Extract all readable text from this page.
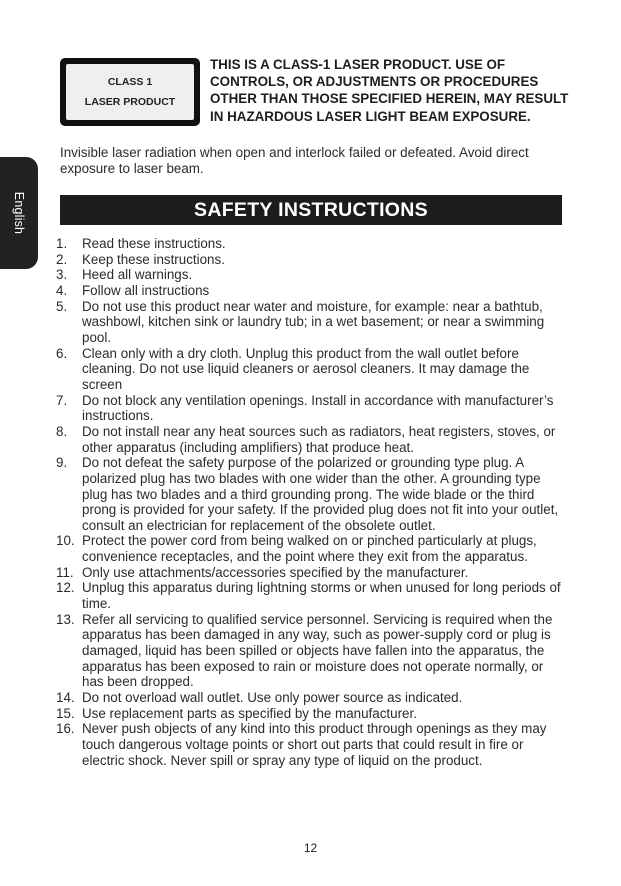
English
CLASS 1
LASER PRODUCT

THIS IS A CLASS-1 LASER PRODUCT. USE OF CONTROLS, OR ADJUSTMENTS OR PROCEDURES OTHER THAN THOSE SPECIFIED HEREIN, MAY RESULT IN HAZARDOUS LASER LIGHT BEAM EXPOSURE.

Invisible laser radiation when open and interlock failed or defeated. Avoid direct exposure to laser beam.

SAFETY INSTRUCTIONS
1.	Read these instructions.
2.	Keep these instructions.
3.	Heed all warnings.
4.	Follow all instructions
5.	Do not use this product near water and moisture, for example: near a bathtub, washbowl, kitchen sink or laundry tub; in a wet basement; or near a swimming pool.
6.	Clean only with a dry cloth. Unplug this product from the wall outlet before cleaning. Do not use liquid cleaners or aerosol cleaners. It may damage the screen
7.	Do not block any ventilation openings. Install in accordance with manufacturer’s instructions.
8.	Do not install near any heat sources such as radiators, heat registers, stoves, or other apparatus (including amplifiers) that produce heat.
9.	Do not defeat the safety purpose of the polarized or grounding type plug. A polarized plug has two blades with one wider than the other. A grounding type plug has two blades and a third grounding prong. The wide blade or the third prong is provided for your safety. If the provided plug does not fit into your outlet, consult an electrician for replacement of the obsolete outlet.
10. Protect the power cord from being walked on or pinched particularly at plugs, convenience receptacles, and the point where they exit from the apparatus.
11. Only use attachments/accessories specified by the manufacturer.
12. Unplug this apparatus during lightning storms or when unused for long periods of time.
13. Refer all servicing to qualified service personnel. Servicing is required when the apparatus has been damaged in any way, such as power-supply cord or plug is damaged, liquid has been spilled or objects have fallen into the apparatus, the apparatus has been exposed to rain or moisture does not operate normally, or has been dropped.
14. Do not overload wall outlet. Use only power source as indicated.
15. Use replacement parts as specified by the manufacturer.
16. Never push objects of any kind into this product through openings as they may touch dangerous voltage points or short out parts that could result in fire or electric shock. Never spill or spray any type of liquid on the product.
12
